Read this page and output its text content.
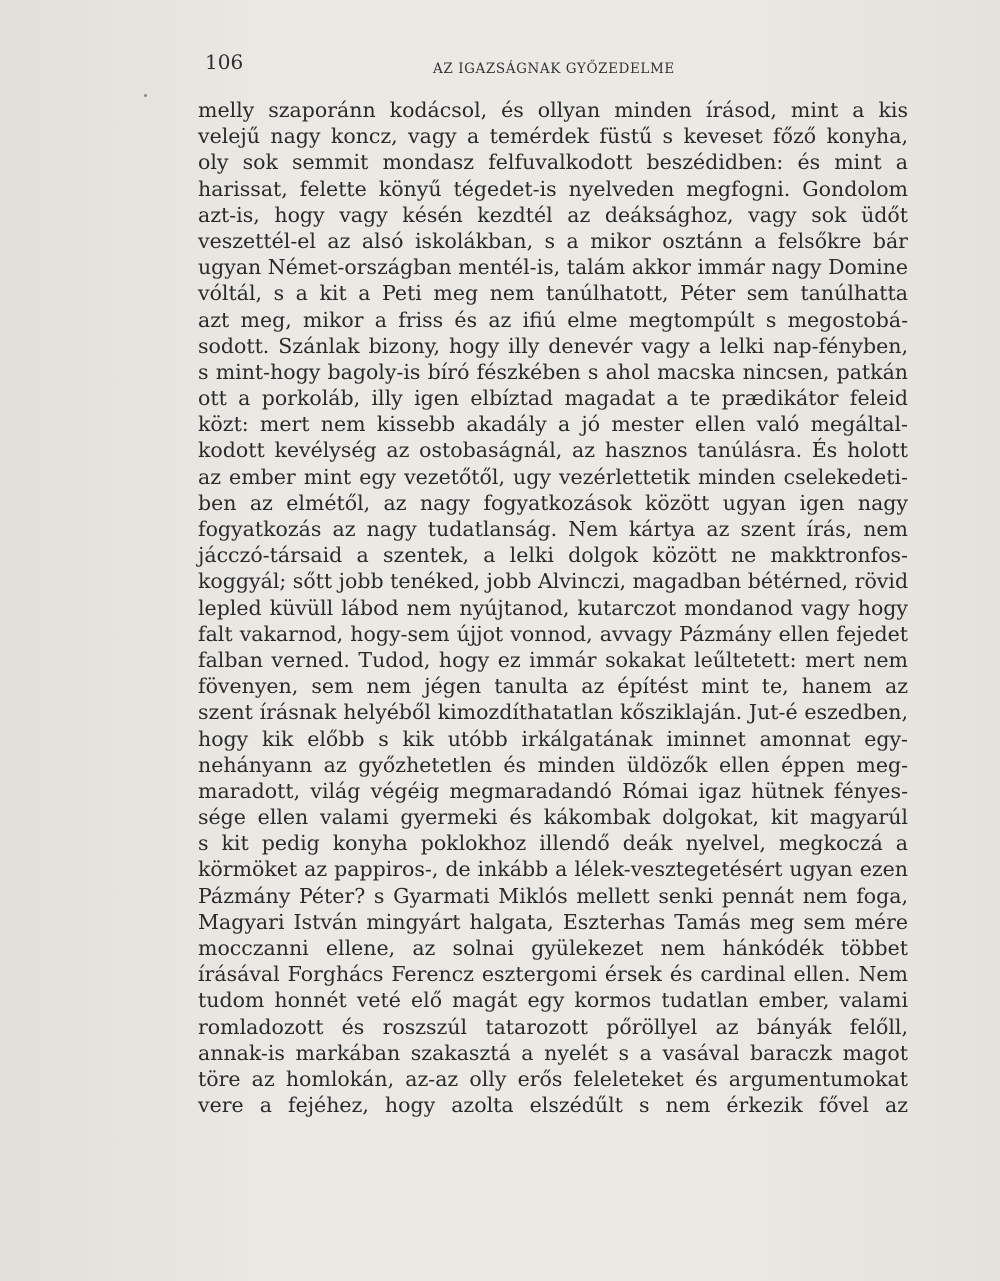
106	AZ IGAZSÁGNAK GYŐZEDELME
melly szaporánn kodácsol, és ollyan minden írásod, mint a kis
velejű nagy koncz, vagy a temérdek füstű s keveset főző konyha,
oly sok semmit mondasz felfuvalkodott beszédidben: és mint a
harissat, felette könyű tégedet-is nyelveden megfogni. Gondolom
azt-is, hogy vagy késén kezdtél az deáksághoz, vagy sok üdőt
veszettél-el az alsó iskolákban, s a mikor osztánn a felsőkre bár
ugyan Német-országban mentél-is, talám akkor immár nagy Domine
vóltál, s a kit a Peti meg nem tanúlhatott, Péter sem tanúlhatta
azt meg, mikor a friss és az ifiú elme megtompúlt s megostobá-
sodott. Szánlak bizony, hogy illy denevér vagy a lelki nap-fényben,
s mint-hogy bagoly-is bíró fészkében s ahol macska nincsen, patkán
ott a porkoláb, illy igen elbíztad magadat a te prædikátor feleid
közt: mert nem kissebb akadály a jó mester ellen való megáltal-
kodott kevélység az ostobaságnál, az hasznos tanúlásra. És holott
az ember mint egy vezetőtől, ugy vezérlettetik minden cselekedeti-
ben az elmétől, az nagy fogyatkozások között ugyan igen nagy
fogyatkozás az nagy tudatlanság. Nem kártya az szent írás, nem
jácczó-társaid a szentek, a lelki dolgok között ne makktronfos-
koggyál; sőtt jobb tenéked, jobb Alvinczi, magadban bétérned, rövid
lepled küvüll lábod nem nyújtanod, kutarczot mondanod vagy hogy
falt vakarnod, hogy-sem újjot vonnod, avvagy Pázmány ellen fejedet
falban verned. Tudod, hogy ez immár sokakat leűltetett: mert nem
fövenyen, sem nem jégen tanulta az építést mint te, hanem az
szent írásnak helyéből kimozdíthatatlan kősziklaján. Jut-é eszedben,
hogy kik előbb s kik utóbb irkálgatának iminnet amonnat egy-
nehányann az győzhetetlen és minden üldözők ellen éppen meg-
maradott, világ végéig megmaradandó Római igaz hütnek fényes-
sége ellen valami gyermeki és kákombak dolgokat, kit magyarúl
s kit pedig konyha poklokhoz illendő deák nyelvel, megkoczá a
körmöket az pappiros-, de inkább a lélek-vesztegetésért ugyan ezen
Pázmány Péter? s Gyarmati Miklós mellett senki pennát nem foga,
Magyari István mingyárt halgata, Eszterhas Tamás meg sem mére
mocczanni ellene, az solnai gyülekezet nem hánkódék többet
írásával Forghács Ferencz esztergomi érsek és cardinal ellen. Nem
tudom honnét veté elő magát egy kormos tudatlan ember, valami
romladozott és roszszúl tatarozott pőröllyel az bányák felőll,
annak-is markában szakasztá a nyelét s a vasával baraczk magot
töre az homlokán, az-az olly erős feleleteket és argumentumokat
vere a fejéhez, hogy azolta elszédűlt s nem érkezik fővel az
